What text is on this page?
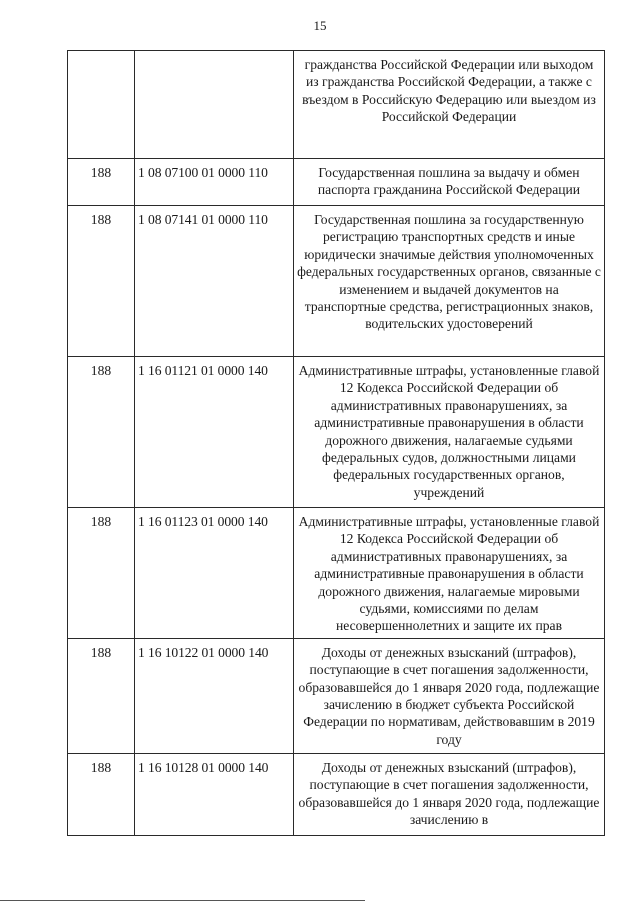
15
		гражданства Российской Федерации или выходом из гражданства Российской Федерации, а также с въездом в Российскую Федерацию или выездом из Российской Федерации
188	1 08 07100 01 0000 110	Государственная пошлина за выдачу и обмен паспорта гражданина Российской Федерации
188	1 08 07141 01 0000 110	Государственная пошлина за государственную регистрацию транспортных средств и иные юридически значимые действия уполномоченных федеральных государственных органов, связанные с изменением и выдачей документов на транспортные средства, регистрационных знаков, водительских удостоверений
188	1 16 01121 01 0000 140	Административные штрафы, установленные главой 12 Кодекса Российской Федерации об административных правонарушениях, за административные правонарушения в области дорожного движения, налагаемые судьями федеральных судов, должностными лицами федеральных государственных органов, учреждений
188	1 16 01123 01 0000 140	Административные штрафы, установленные главой 12 Кодекса Российской Федерации об административных правонарушениях, за административные правонарушения в области дорожного движения, налагаемые мировыми судьями, комиссиями по делам несовершеннолетних и защите их прав
188	1 16 10122 01 0000 140	Доходы от денежных взысканий (штрафов), поступающие в счет погашения задолженности, образовавшейся до 1 января 2020 года, подлежащие зачислению в бюджет субъекта Российской Федерации по нормативам, действовавшим в 2019 году
188	1 16 10128 01 0000 140	Доходы от денежных взысканий (штрафов), поступающие в счет погашения задолженности, образовавшейся до 1 января 2020 года, подлежащие зачислению в
